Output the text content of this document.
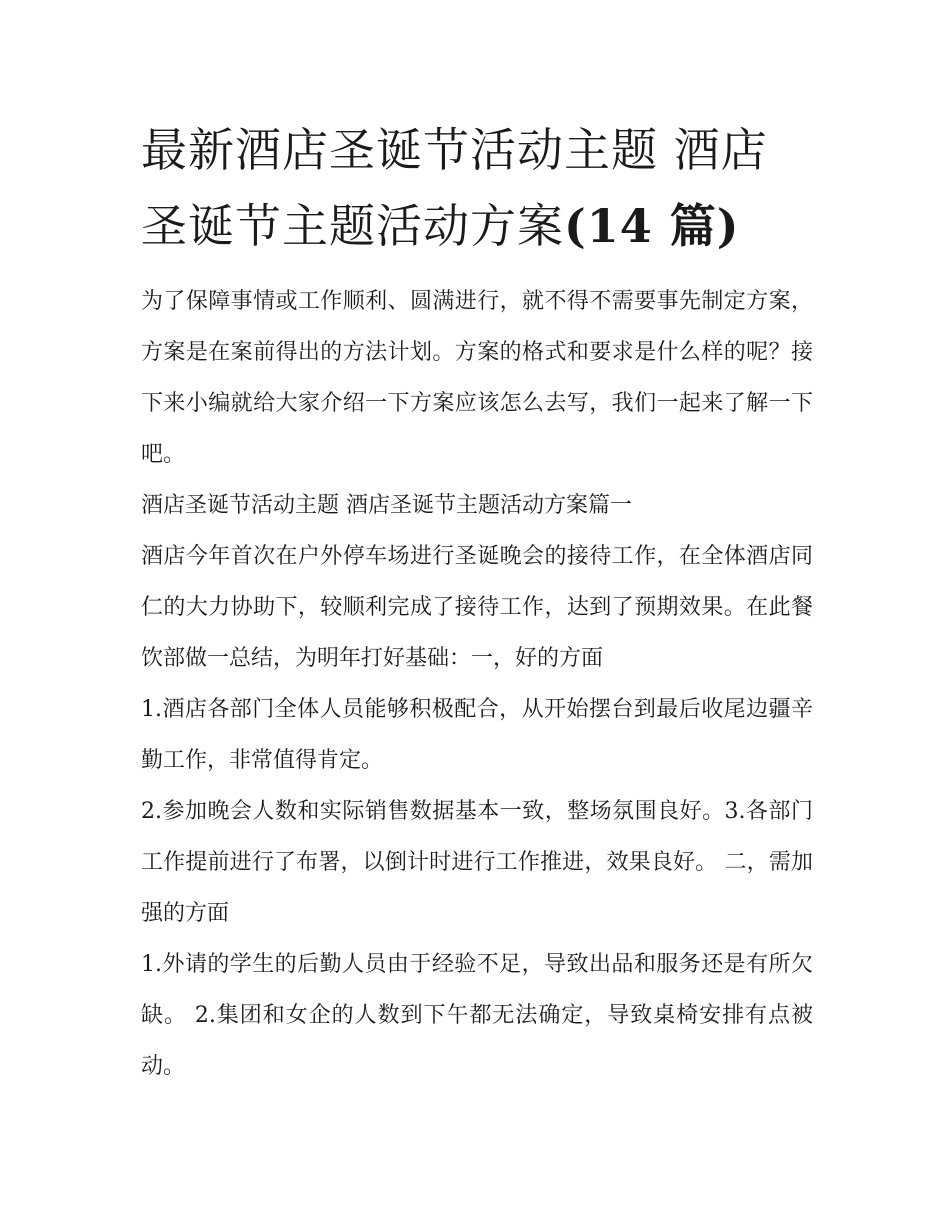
最新酒店圣诞节活动主题 酒店圣诞节主题活动方案(14 篇)

为了保障事情或工作顺利、圆满进行，就不得不需要事先制定方案，方案是在案前得出的方法计划。方案的格式和要求是什么样的呢？接下来小编就给大家介绍一下方案应该怎么去写，我们一起来了解一下吧。

酒店圣诞节活动主题 酒店圣诞节主题活动方案篇一

酒店今年首次在户外停车场进行圣诞晚会的接待工作，在全体酒店同仁的大力协助下，较顺利完成了接待工作，达到了预期效果。在此餐饮部做一总结，为明年打好基础：一，好的方面

1.酒店各部门全体人员能够积极配合，从开始摆台到最后收尾边疆辛勤工作，非常值得肯定。

2.参加晚会人数和实际销售数据基本一致，整场氛围良好。3.各部门工作提前进行了布署，以倒计时进行工作推进，效果良好。 二，需加强的方面

1.外请的学生的后勤人员由于经验不足，导致出品和服务还是有所欠缺。 2.集团和女企的人数到下午都无法确定，导致桌椅安排有点被动。
